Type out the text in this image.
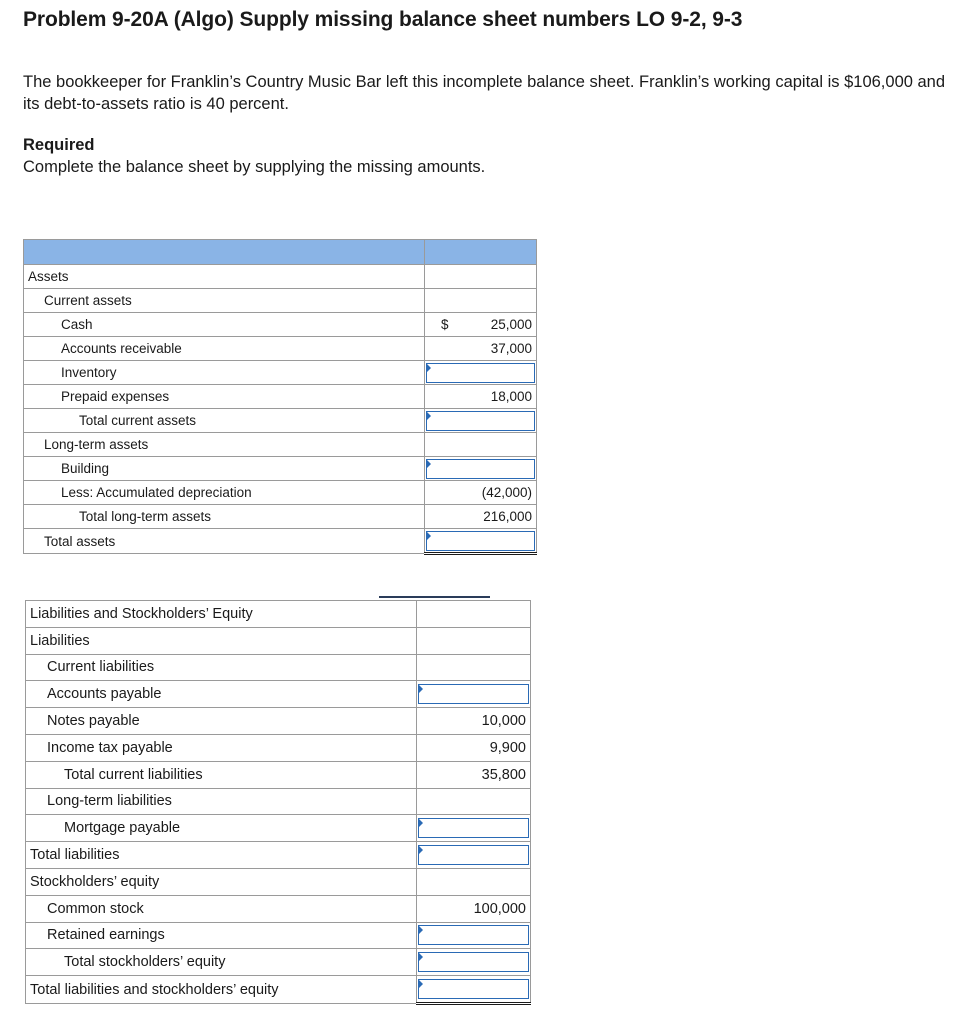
Problem 9-20A (Algo) Supply missing balance sheet numbers LO 9-2, 9-3
The bookkeeper for Franklin’s Country Music Bar left this incomplete balance sheet. Franklin’s working capital is $106,000 and its debt-to-assets ratio is 40 percent.
Required
Complete the balance sheet by supplying the missing amounts.

Assets	
Current assets	
Cash	$ 25,000
Accounts receivable	37,000
Inventory	

Prepaid expenses	18,000
Total current assets	

Long-term assets	
Building	

Less: Accumulated depreciation	(42,000)
Total long-term assets	216,000
Total assets	
Liabilities and Stockholders’ Equity	
Liabilities	
Current liabilities	
Accounts payable	

Notes payable	10,000
Income tax payable	9,900
Total current liabilities	35,800
Long-term liabilities	
Mortgage payable	

Total liabilities	

Stockholders’ equity	
Common stock	100,000
Retained earnings	

Total stockholders’ equity	

Total liabilities and stockholders’ equity	
